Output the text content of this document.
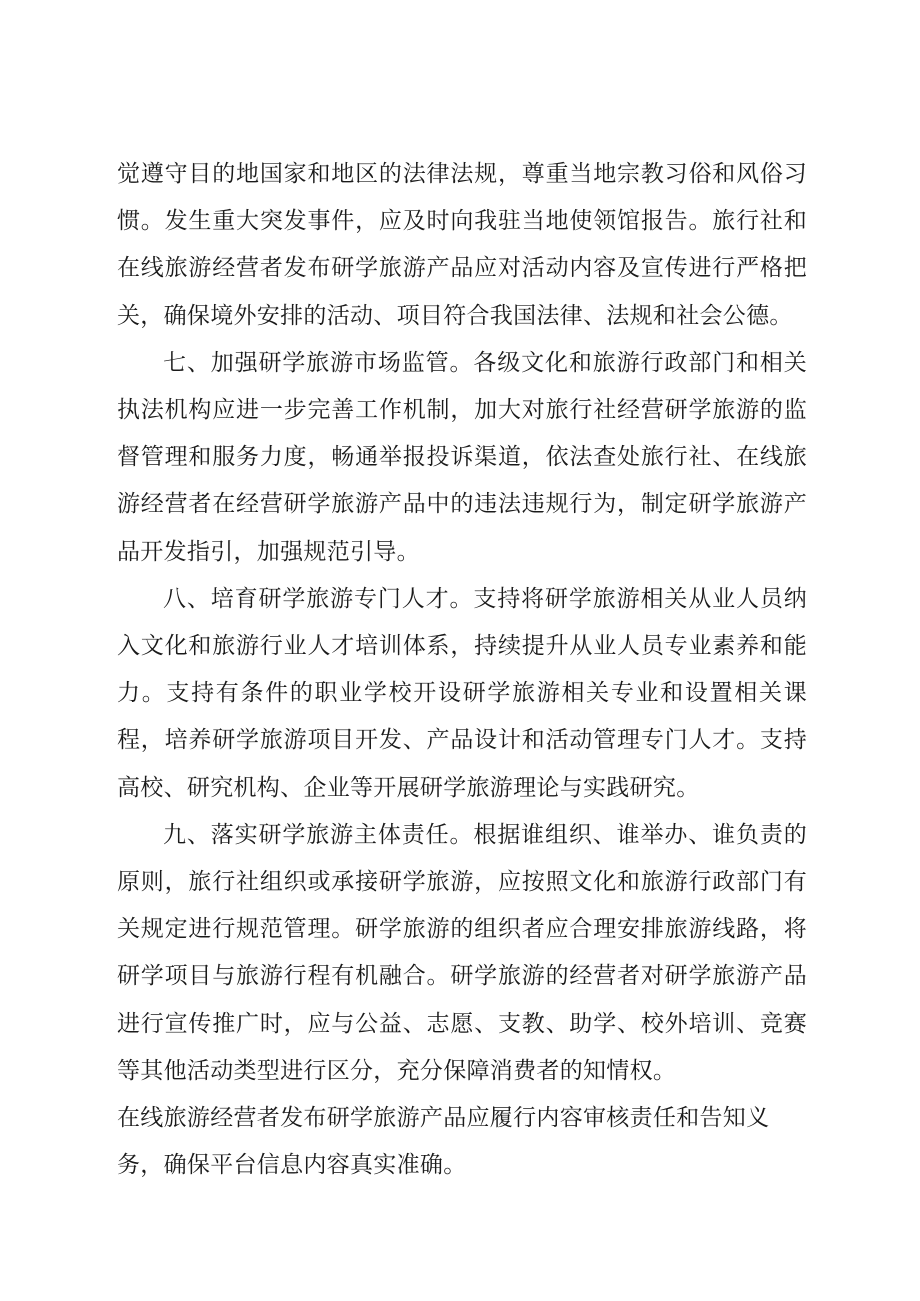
觉遵守目的地国家和地区的法律法规，尊重当地宗教习俗和风俗习惯。发生重大突发事件，应及时向我驻当地使领馆报告。旅行社和在线旅游经营者发布研学旅游产品应对活动内容及宣传进行严格把关，确保境外安排的活动、项目符合我国法律、法规和社会公德。

七、加强研学旅游市场监管。各级文化和旅游行政部门和相关执法机构应进一步完善工作机制，加大对旅行社经营研学旅游的监督管理和服务力度，畅通举报投诉渠道，依法查处旅行社、在线旅游经营者在经营研学旅游产品中的违法违规行为，制定研学旅游产品开发指引，加强规范引导。

八、培育研学旅游专门人才。支持将研学旅游相关从业人员纳入文化和旅游行业人才培训体系，持续提升从业人员专业素养和能力。支持有条件的职业学校开设研学旅游相关专业和设置相关课程，培养研学旅游项目开发、产品设计和活动管理专门人才。支持高校、研究机构、企业等开展研学旅游理论与实践研究。

九、落实研学旅游主体责任。根据谁组织、谁举办、谁负责的原则，旅行社组织或承接研学旅游，应按照文化和旅游行政部门有关规定进行规范管理。研学旅游的组织者应合理安排旅游线路，将研学项目与旅游行程有机融合。研学旅游的经营者对研学旅游产品进行宣传推广时，应与公益、志愿、支教、助学、校外培训、竞赛等其他活动类型进行区分，充分保障消费者的知情权。

在线旅游经营者发布研学旅游产品应履行内容审核责任和告知义务，确保平台信息内容真实准确。
